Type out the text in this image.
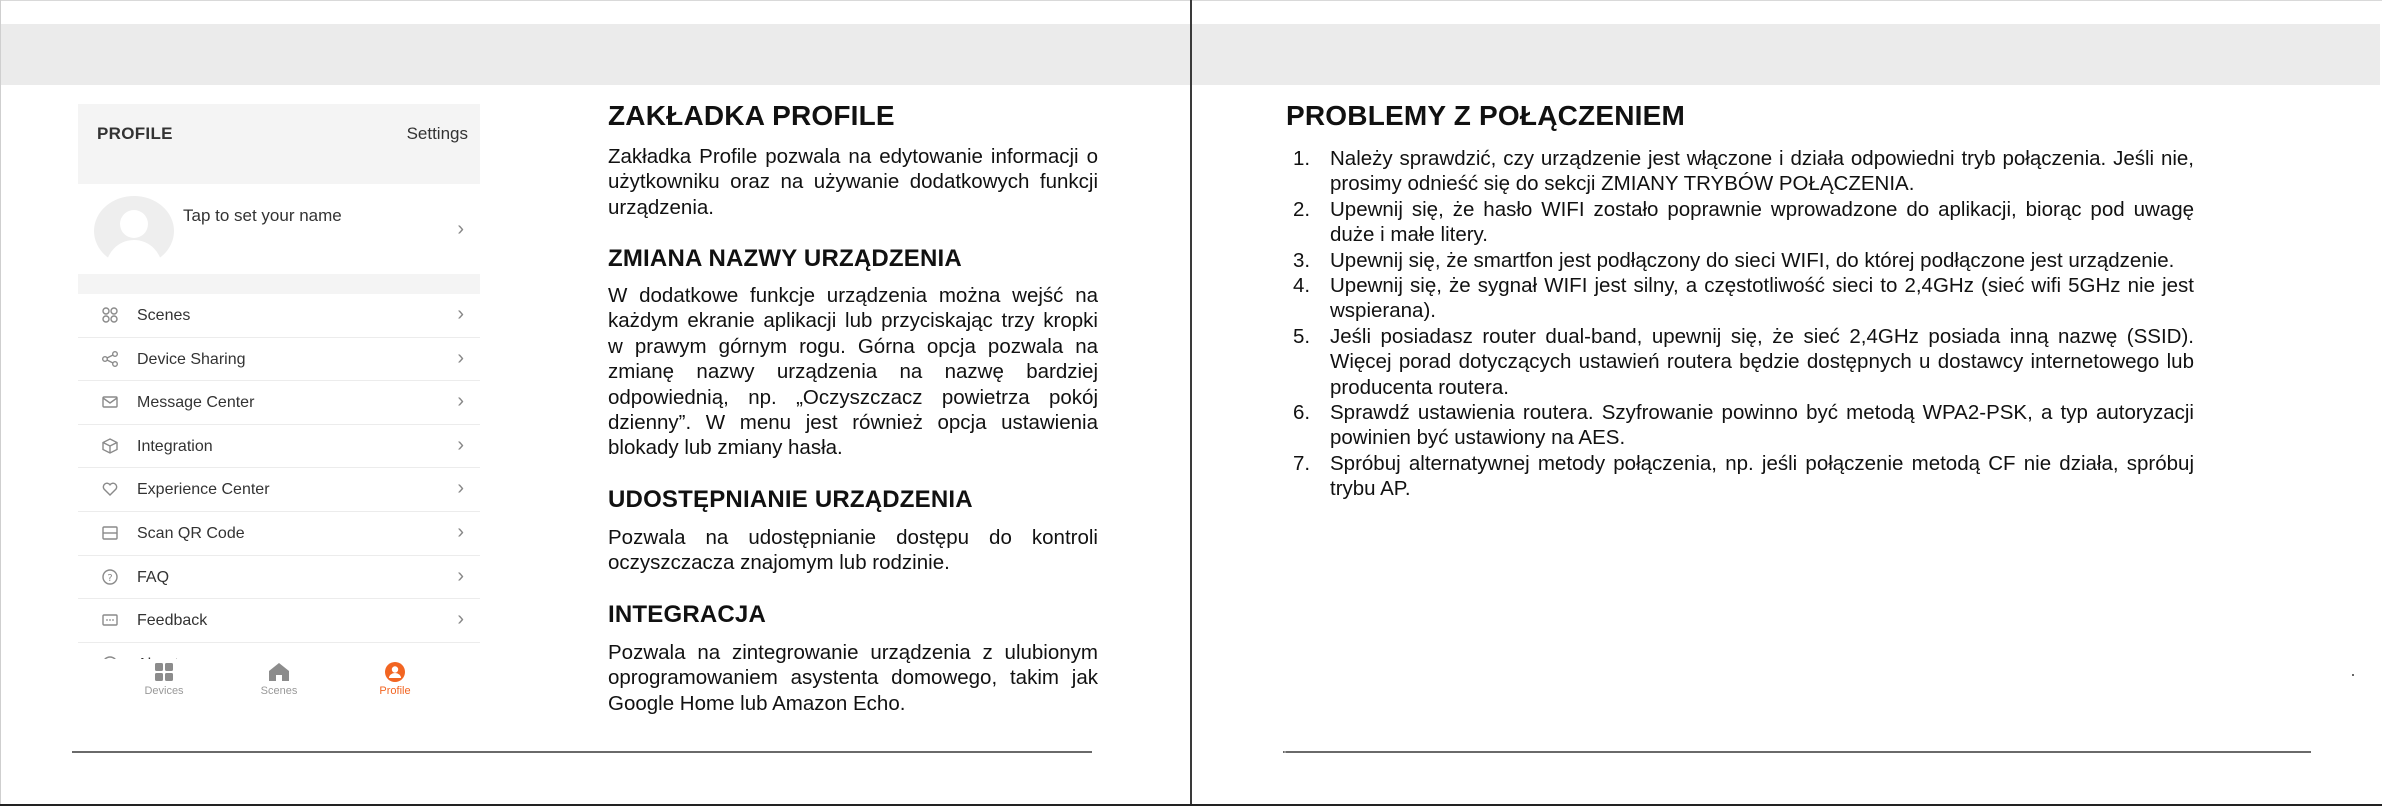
PROFILE	Settings
Tap to set your name
›
Scenes	›
Device Sharing	›
Message Center	›
Integration	›
Experience Center	›
Scan QR Code	›
? FAQ	›
Feedback	›
Devices	Scenes	Profile
ZAKŁADKA PROFILE
Zakładka Profile pozwala na edytowanie informacji o użytkowniku oraz na używanie dodatkowych funkcji urządzenia.
ZMIANA NAZWY URZĄDZENIA
W dodatkowe funkcje urządzenia można wejść na każdym ekranie aplikacji lub przyciskając trzy kropki w prawym górnym rogu. Górna opcja pozwala na zmianę nazwy urządzenia na nazwę bardziej odpowiednią, np. „Oczyszczacz powietrza pokój dzienny”. W menu jest również opcja ustawienia blokady lub zmiany hasła.
UDOSTĘPNIANIE URZĄDZENIA
Pozwala na udostępnianie dostępu do kontroli oczyszczacza znajomym lub rodzinie.
INTEGRACJA
Pozwala na zintegrowanie urządzenia z ulubionym oprogramowaniem asystenta domowego, takim jak Google Home lub Amazon Echo.
PROBLEMY Z POŁĄCZENIEM
1. Należy sprawdzić, czy urządzenie jest włączone i działa odpowiedni tryb połączenia. Jeśli nie, prosimy odnieść się do sekcji ZMIANY TRYBÓW POŁĄCZENIA.
2. Upewnij się, że hasło WIFI zostało poprawnie wprowadzone do aplikacji, biorąc pod uwagę duże i małe litery.
3. Upewnij się, że smartfon jest podłączony do sieci WIFI, do której podłączone jest urządzenie.
4. Upewnij się, że sygnał WIFI jest silny, a częstotliwość sieci to 2,4GHz (sieć wifi 5GHz nie jest wspierana).
5. Jeśli posiadasz router dual-band, upewnij się, że sieć 2,4GHz posiada inną nazwę (SSID). Więcej porad dotyczących ustawień routera będzie dostępnych u dostawcy internetowego lub producenta routera.
6. Sprawdź ustawienia routera. Szyfrowanie powinno być metodą WPA2-PSK, a typ autoryzacji powinien być ustawiony na AES.
7. Spróbuj alternatywnej metody połączenia, np. jeśli połączenie metodą CF nie działa, spróbuj trybu AP.
